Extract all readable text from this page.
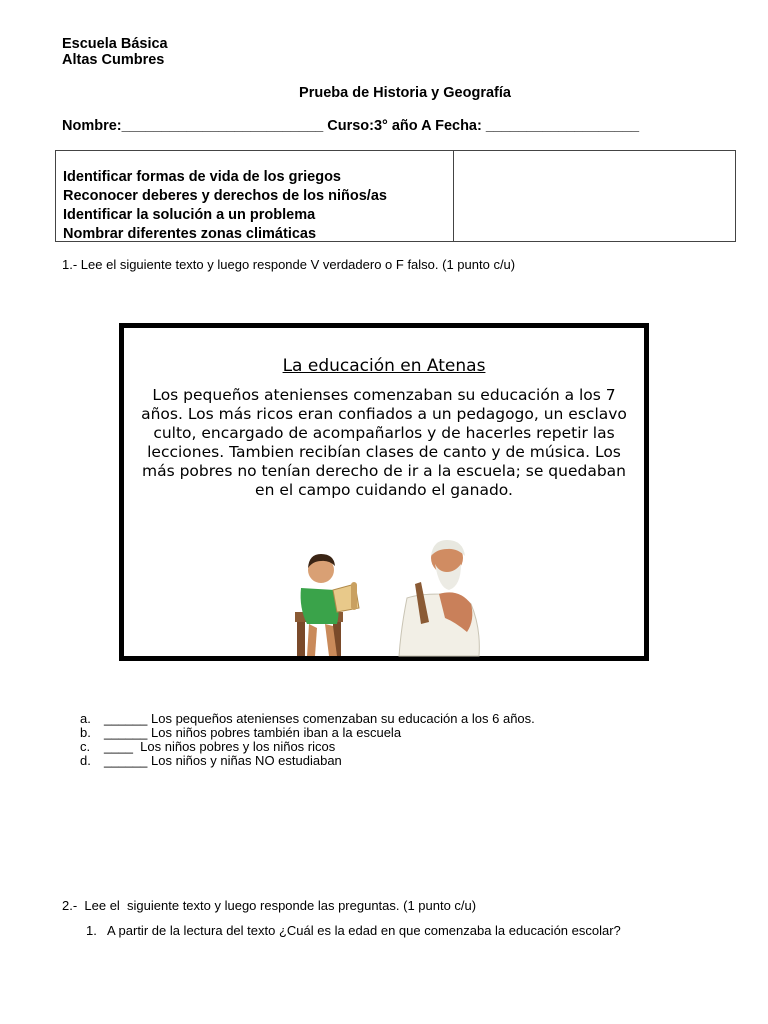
Escuela Básica
Altas Cumbres
Prueba de Historia y Geografía
Nombre:_________________________ Curso:3° año A Fecha: ___________________
Identificar formas de vida de los griegos
Reconocer deberes y derechos de los niños/as
Identificar la solución a un problema
Nombrar diferentes zonas climáticas
1.- Lee el siguiente texto y luego responde V verdadero o F falso. (1 punto c/u)
La educación en Atenas
Los pequeños atenienses comenzaban su educación a los 7 años. Los más ricos eran confiados a un pedagogo, un esclavo culto, encargado de acompañarlos y de hacerles repetir las lecciones. Tambien recibían clases de canto y de música. Los más pobres no tenían derecho de ir a la escuela; se quedaban en el campo cuidando el ganado.
a.	______ Los pequeños atenienses comenzaban su educación a los 6 años.
b.	______ Los niños pobres también iban a la escuela
c.	____  Los niños pobres y los niños ricos
d.	______ Los niños y niñas NO estudiaban
2.-  Lee el  siguiente texto y luego responde las preguntas. (1 punto c/u)
1.   A partir de la lectura del texto ¿Cuál es la edad en que comenzaba la educación escolar?
